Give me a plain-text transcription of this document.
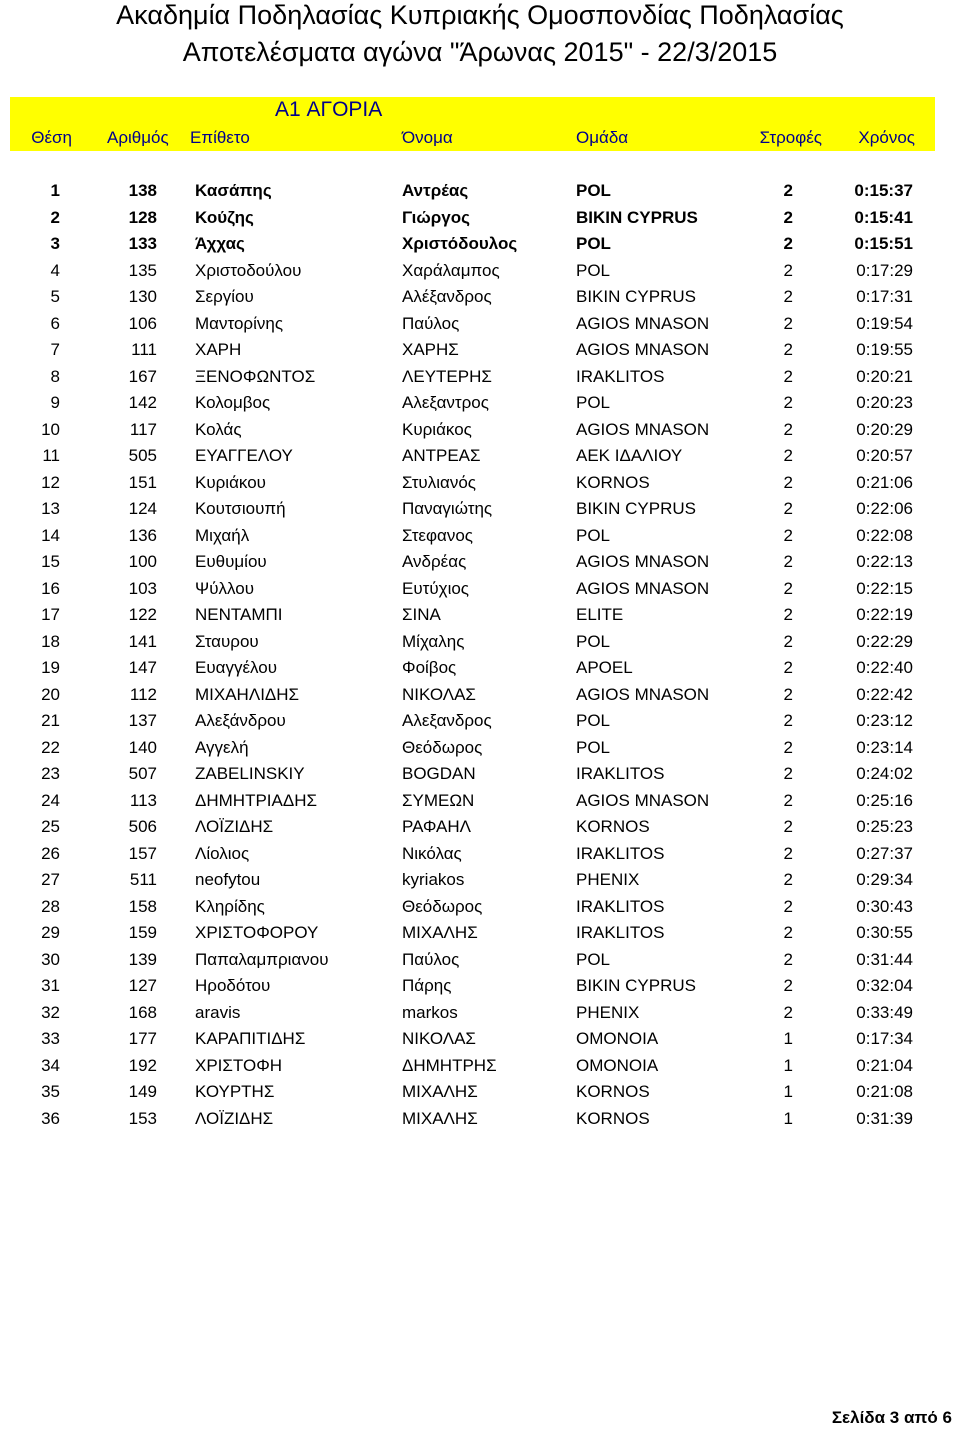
Ακαδημία Ποδηλασίας Κυπριακής Ομοσπονδίας Ποδηλασίας
Αποτελέσματα αγώνα "Άρωνας 2015" - 22/3/2015
A1 ΑΓΟΡΙΑ
Θέση Αριθμός Επίθετο	Όνομα	Ομάδα	Στροφές	Χρόνος
1	138 Κασάπης	Αντρέας	POL	2	0:15:37
2	128 Κούζης	Γιώργος	BIKIN CYPRUS	2	0:15:41
3	133 Άχχας	Χριστόδουλος	POL	2	0:15:51
4	135 Χριστοδούλου	Χαράλαμπος	POL	2	0:17:29
5	130 Σεργίου	Αλέξανδρος	BIKIN CYPRUS	2	0:17:31
6	106 Μαντορίνης	Παύλος	AGIOS MNASON	2	0:19:54
7	111 ΧΑΡΗ	ΧΑΡΗΣ	AGIOS MNASON	2	0:19:55
8	167 ΞΕΝΟΦΩΝΤΟΣ	ΛΕΥΤΕΡΗΣ	IRAKLITOS	2	0:20:21
9	142 Κολομβος	Αλεξαντρος	POL	2	0:20:23
10	117 Κολάς	Κυριάκος	AGIOS MNASON	2	0:20:29
11	505 ΕΥΑΓΓΕΛΟΥ	ΑΝΤΡΕΑΣ	AEK ΙΔΑΛΙΟΥ	2	0:20:57
12	151 Κυριάκου	Στυλιανός	KORNOS	2	0:21:06
13	124 Κουτσιουπή	Παναγιώτης	BIKIN CYPRUS	2	0:22:06
14	136 Μιχαήλ	Στεφανος	POL	2	0:22:08
15	100 Ευθυμίου	Ανδρέας	AGIOS MNASON	2	0:22:13
16	103 Ψύλλου	Ευτύχιος	AGIOS MNASON	2	0:22:15
17	122 ΝΕΝΤΑΜΠΙ	ΣΙΝΑ	ELITE	2	0:22:19
18	141 Σταυρου	Μίχαλης	POL	2	0:22:29
19	147 Ευαγγέλου	Φοίβος	APOEL	2	0:22:40
20	112 ΜΙΧΑΗΛΙΔΗΣ	ΝΙΚΟΛΑΣ	AGIOS MNASON	2	0:22:42
21	137 Αλεξάνδρου	Αλεξανδρος	POL	2	0:23:12
22	140 Αγγελή	Θεόδωρος	POL	2	0:23:14
23	507 ZABELINSKIY	BOGDAN	IRAKLITOS	2	0:24:02
24	113 ΔΗΜΗΤΡΙΑΔΗΣ	ΣΥΜΕΩΝ	AGIOS MNASON	2	0:25:16
25	506 ΛΟΪΖΙΔΗΣ	ΡΑΦΑΗΛ	KORNOS	2	0:25:23
26	157 Λίολιος	Νικόλας	IRAKLITOS	2	0:27:37
27	511 neofytou	kyriakos	PHENIX	2	0:29:34
28	158 Κληρίδης	Θεόδωρος	IRAKLITOS	2	0:30:43
29	159 ΧΡΙΣΤΟΦΟΡΟΥ	ΜΙΧΑΛΗΣ	IRAKLITOS	2	0:30:55
30	139 Παπαλαμπριανου	Παύλος	POL	2	0:31:44
31	127 Ηροδότου	Πάρης	BIKIN CYPRUS	2	0:32:04
32	168 aravis	markos	PHENIX	2	0:33:49
33	177 ΚΑΡΑΠΙΤΙΔΗΣ	ΝΙΚΟΛΑΣ	OMONOIA	1	0:17:34
34	192 ΧΡΙΣΤΟΦΗ	ΔΗΜΗΤΡΗΣ	OMONOIA	1	0:21:04
35	149 ΚΟΥΡΤΗΣ	ΜΙΧΑΛΗΣ	KORNOS	1	0:21:08
36	153 ΛΟΪΖΙΔΗΣ	ΜΙΧΑΛΗΣ	KORNOS	1	0:31:39
Σελίδα 3 από 6
